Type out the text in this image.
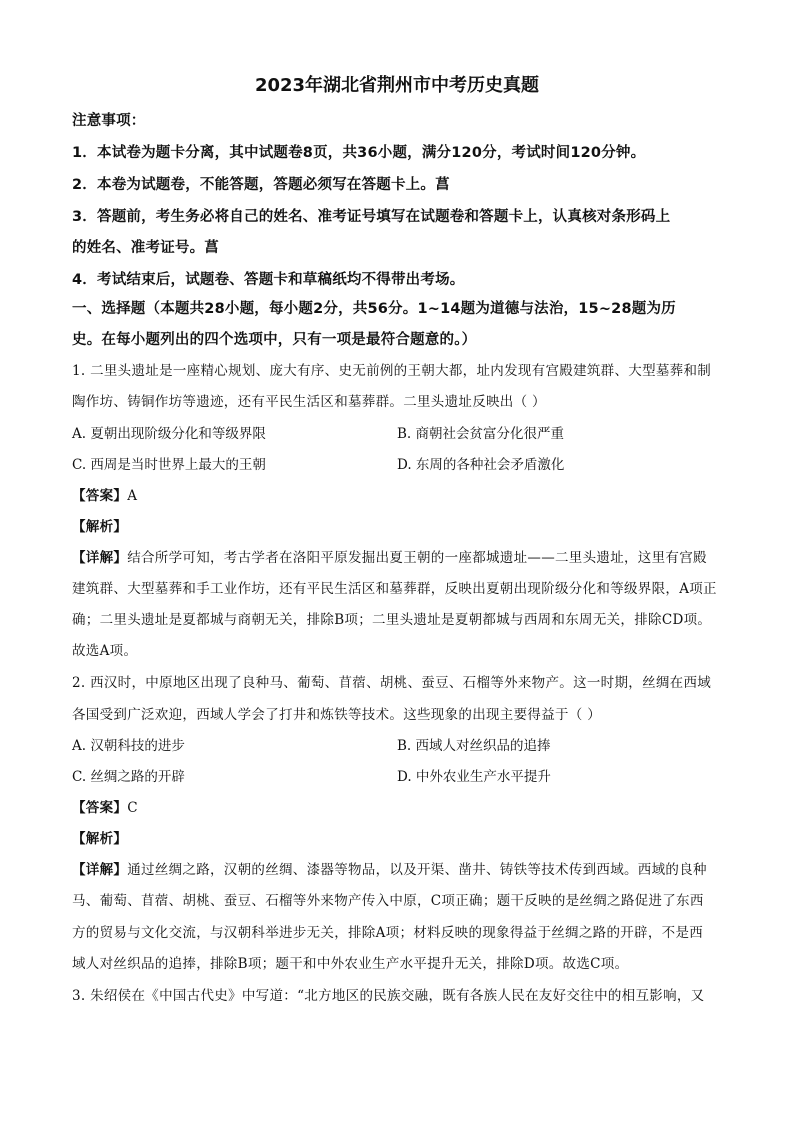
2023年湖北省荆州市中考历史真题
注意事项：
1．本试卷为题卡分离，其中试题卷8页，共36小题，满分120分，考试时间120分钟。
2．本卷为试题卷，不能答题，答题必须写在答题卡上。菖
3．答题前，考生务必将自己的姓名、准考证号填写在试题卷和答题卡上，认真核对条形码上
的姓名、准考证号。菖
4．考试结束后，试题卷、答题卡和草稿纸均不得带出考场。
一、选择题（本题共28小题，每小题2分，共56分。1~14题为道德与法治，15~28题为历
史。在每小题列出的四个选项中，只有一项是最符合题意的。）
1. 二里头遗址是一座精心规划、庞大有序、史无前例的王朝大都，址内发现有宫殿建筑群、大型墓葬和制
陶作坊、铸铜作坊等遗迹，还有平民生活区和墓葬群。二里头遗址反映出（ ）
A. 夏朝出现阶级分化和等级界限	B. 商朝社会贫富分化很严重
C. 西周是当时世界上最大的王朝	D. 东周的各种社会矛盾激化
【答案】A
【解析】
【详解】结合所学可知，考古学者在洛阳平原发掘出夏王朝的一座都城遗址——二里头遗址，这里有宫殿
建筑群、大型墓葬和手工业作坊，还有平民生活区和墓葬群，反映出夏朝出现阶级分化和等级界限，A项正
确；二里头遗址是夏都城与商朝无关，排除B项；二里头遗址是夏朝都城与西周和东周无关，排除CD项。
故选A项。
2. 西汉时，中原地区出现了良种马、葡萄、苜蓿、胡桃、蚕豆、石榴等外来物产。这一时期，丝绸在西域
各国受到广泛欢迎，西域人学会了打井和炼铁等技术。这些现象的出现主要得益于（ ）
A. 汉朝科技的进步	B. 西域人对丝织品的追捧
C. 丝绸之路的开辟	D. 中外农业生产水平提升
【答案】C
【解析】
【详解】通过丝绸之路，汉朝的丝绸、漆器等物品，以及开渠、凿井、铸铁等技术传到西域。西域的良种
马、葡萄、苜蓿、胡桃、蚕豆、石榴等外来物产传入中原，C项正确；题干反映的是丝绸之路促进了东西
方的贸易与文化交流，与汉朝科举进步无关，排除A项；材料反映的现象得益于丝绸之路的开辟，不是西
域人对丝织品的追捧，排除B项；题干和中外农业生产水平提升无关，排除D项。故选C项。
3. 朱绍侯在《中国古代史》中写道：“北方地区的民族交融，既有各族人民在友好交往中的相互影响，又
